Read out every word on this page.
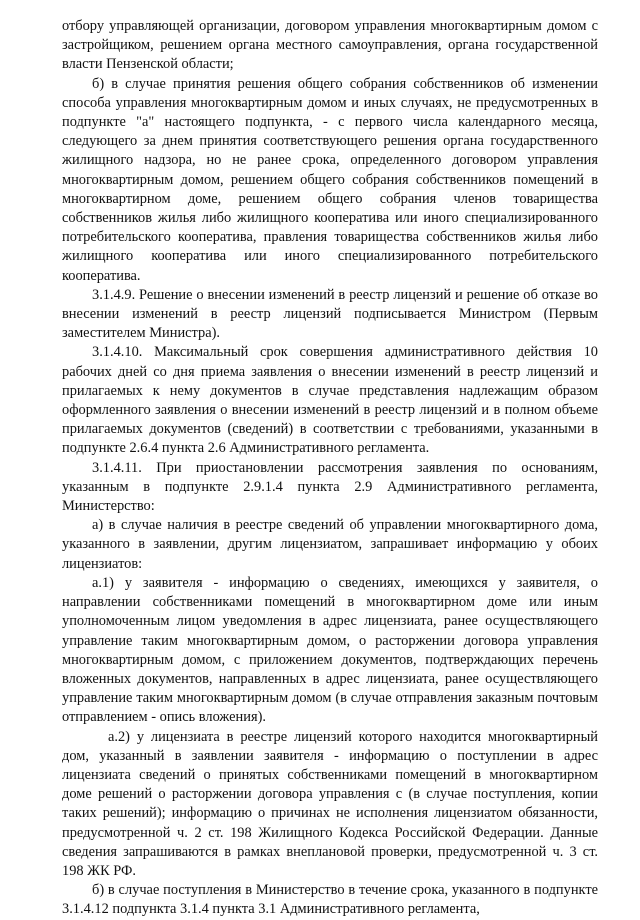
отбору управляющей организации, договором управления многоквартирным домом с застройщиком, решением органа местного самоуправления, органа государственной власти Пензенской области;

б) в случае принятия решения общего собрания собственников об изменении способа управления многоквартирным домом и иных случаях, не предусмотренных в подпункте "а" настоящего подпункта, - с первого числа календарного месяца, следующего за днем принятия соответствующего решения органа государственного жилищного надзора, но не ранее срока, определенного договором управления многоквартирным домом, решением общего собрания собственников помещений в многоквартирном доме, решением общего собрания членов товарищества собственников жилья либо жилищного кооператива или иного специализированного потребительского кооператива, правления товарищества собственников жилья либо жилищного кооператива или иного специализированного потребительского кооператива.

3.1.4.9. Решение о внесении изменений в реестр лицензий и решение об отказе во внесении изменений в реестр лицензий подписывается Министром (Первым заместителем Министра).

3.1.4.10. Максимальный срок совершения административного действия 10 рабочих дней со дня приема заявления о внесении изменений в реестр лицензий и прилагаемых к нему документов в случае представления надлежащим образом оформленного заявления о внесении изменений в реестр лицензий и в полном объеме прилагаемых документов (сведений) в соответствии с требованиями, указанными в подпункте 2.6.4 пункта 2.6 Административного регламента.

3.1.4.11. При приостановлении рассмотрения заявления по основаниям, указанным в подпункте 2.9.1.4 пункта 2.9 Административного регламента, Министерство:

а) в случае наличия в реестре сведений об управлении многоквартирного дома, указанного в заявлении, другим лицензиатом, запрашивает информацию у обоих лицензиатов:

а.1) у заявителя - информацию о сведениях, имеющихся у заявителя, о направлении собственниками помещений в многоквартирном доме или иным уполномоченным лицом уведомления в адрес лицензиата, ранее осуществляющего управление таким многоквартирным домом, о расторжении договора управления многоквартирным домом, с приложением документов, подтверждающих перечень вложенных документов, направленных в адрес лицензиата, ранее осуществляющего управление таким многоквартирным домом (в случае отправления заказным почтовым отправлением - опись вложения).

а.2) у лицензиата в реестре лицензий которого находится многоквартирный дом, указанный в заявлении заявителя - информацию о поступлении в адрес лицензиата сведений о принятых собственниками помещений в многоквартирном доме решений о расторжении договора управления с (в случае поступления, копии таких решений); информацию о причинах не исполнения лицензиатом обязанности, предусмотренной ч. 2 ст. 198 Жилищного Кодекса Российской Федерации. Данные сведения запрашиваются в рамках внеплановой проверки, предусмотренной ч. 3 ст. 198 ЖК РФ.

б) в случае поступления в Министерство в течение срока, указанного в подпункте 3.1.4.12 подпункта 3.1.4 пункта 3.1 Административного регламента,
